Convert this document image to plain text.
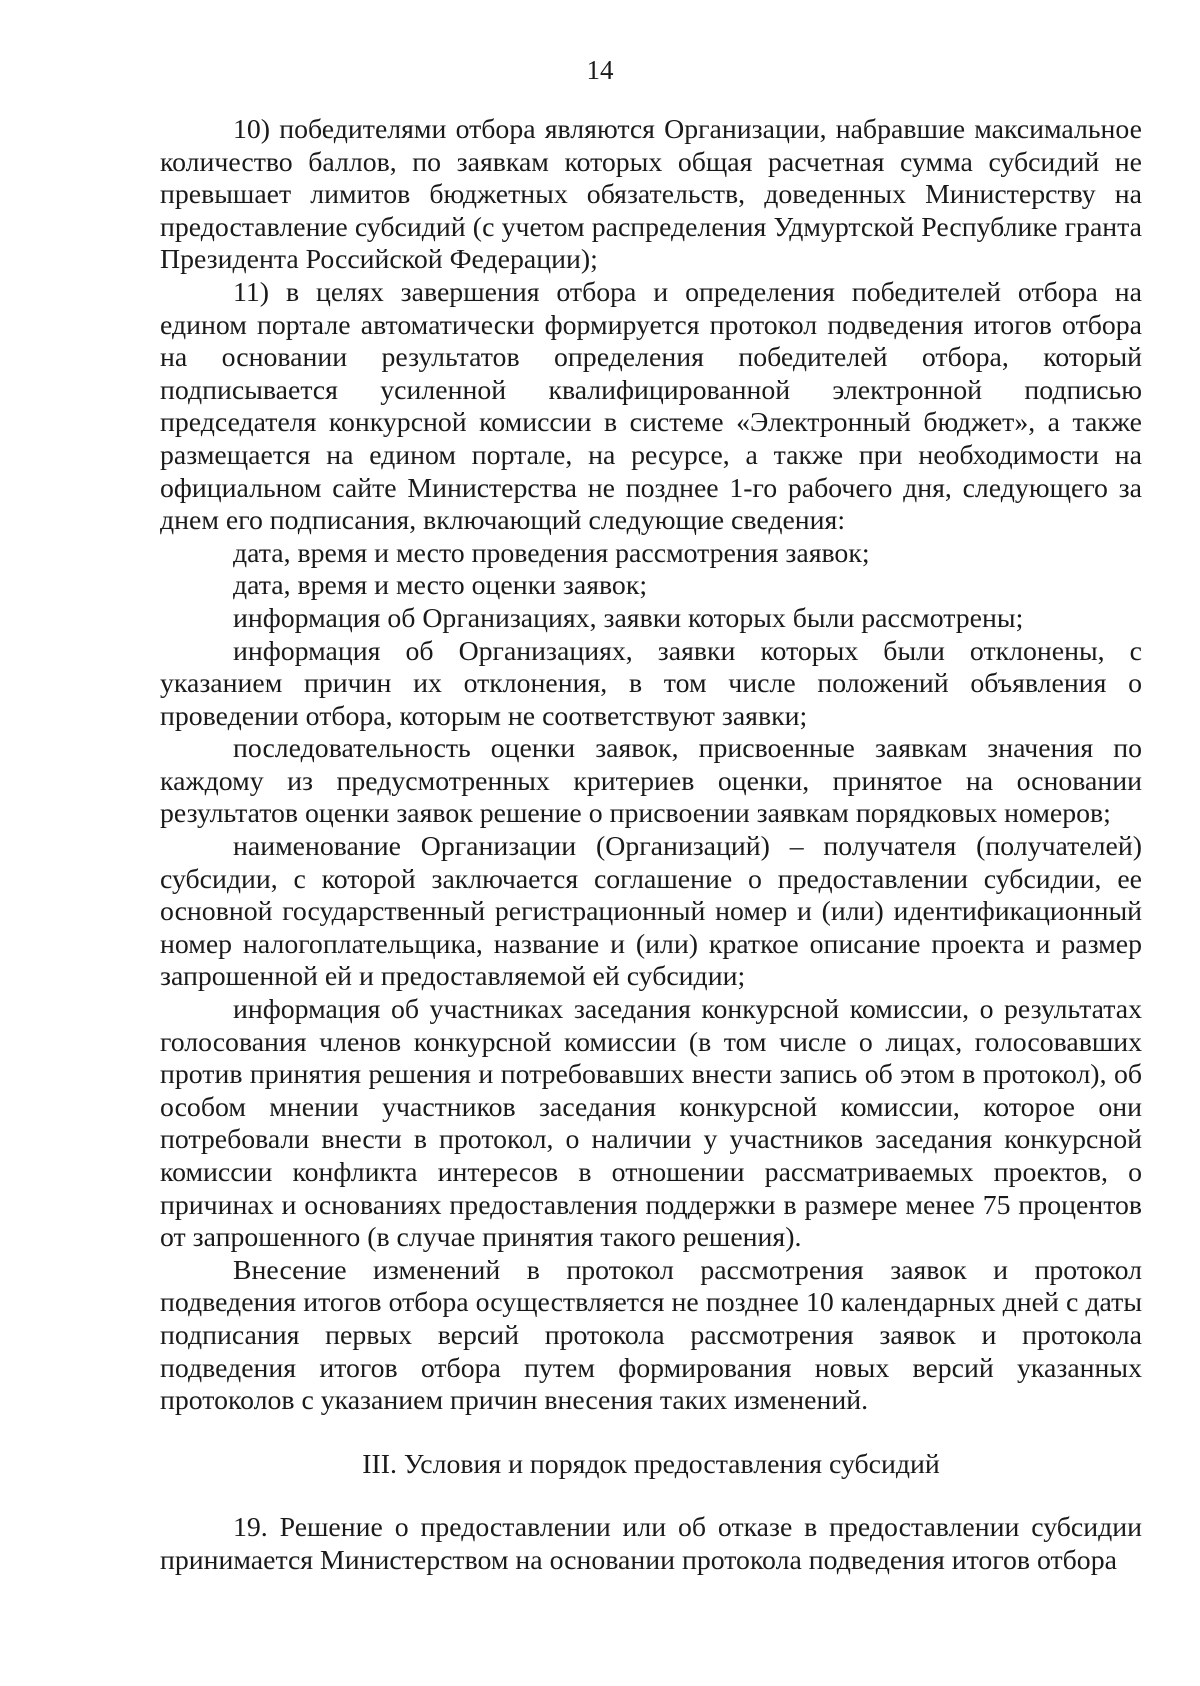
14

10) победителями отбора являются Организации, набравшие максимальное количество баллов, по заявкам которых общая расчетная сумма субсидий не превышает лимитов бюджетных обязательств, доведенных Министерству на предоставление субсидий (с учетом распределения Удмуртской Республике гранта Президента Российской Федерации);

11) в целях завершения отбора и определения победителей отбора на едином портале автоматически формируется протокол подведения итогов отбора на основании результатов определения победителей отбора, который подписывается усиленной квалифицированной электронной подписью председателя конкурсной комиссии в системе «Электронный бюджет», а также размещается на едином портале, на ресурсе, а также при необходимости на официальном сайте Министерства не позднее 1-го рабочего дня, следующего за днем его подписания, включающий следующие сведения:

дата, время и место проведения рассмотрения заявок;

дата, время и место оценки заявок;

информация об Организациях, заявки которых были рассмотрены;

информация об Организациях, заявки которых были отклонены, с указанием причин их отклонения, в том числе положений объявления о проведении отбора, которым не соответствуют заявки;

последовательность оценки заявок, присвоенные заявкам значения по каждому из предусмотренных критериев оценки, принятое на основании результатов оценки заявок решение о присвоении заявкам порядковых номеров;

наименование Организации (Организаций) – получателя (получателей) субсидии, с которой заключается соглашение о предоставлении субсидии, ее основной государственный регистрационный номер и (или) идентификационный номер налогоплательщика, название и (или) краткое описание проекта и размер запрошенной ей и предоставляемой ей субсидии;

информация об участниках заседания конкурсной комиссии, о результатах голосования членов конкурсной комиссии (в том числе о лицах, голосовавших против принятия решения и потребовавших внести запись об этом в протокол), об особом мнении участников заседания конкурсной комиссии, которое они потребовали внести в протокол, о наличии у участников заседания конкурсной комиссии конфликта интересов в отношении рассматриваемых проектов, о причинах и основаниях предоставления поддержки в размере менее 75 процентов от запрошенного (в случае принятия такого решения).

Внесение изменений в протокол рассмотрения заявок и протокол подведения итогов отбора осуществляется не позднее 10 календарных дней с даты подписания первых версий протокола рассмотрения заявок и протокола подведения итогов отбора путем формирования новых версий указанных протоколов с указанием причин внесения таких изменений.

III. Условия и порядок предоставления субсидий

19. Решение о предоставлении или об отказе в предоставлении субсидии принимается Министерством на основании протокола подведения итогов отбора
